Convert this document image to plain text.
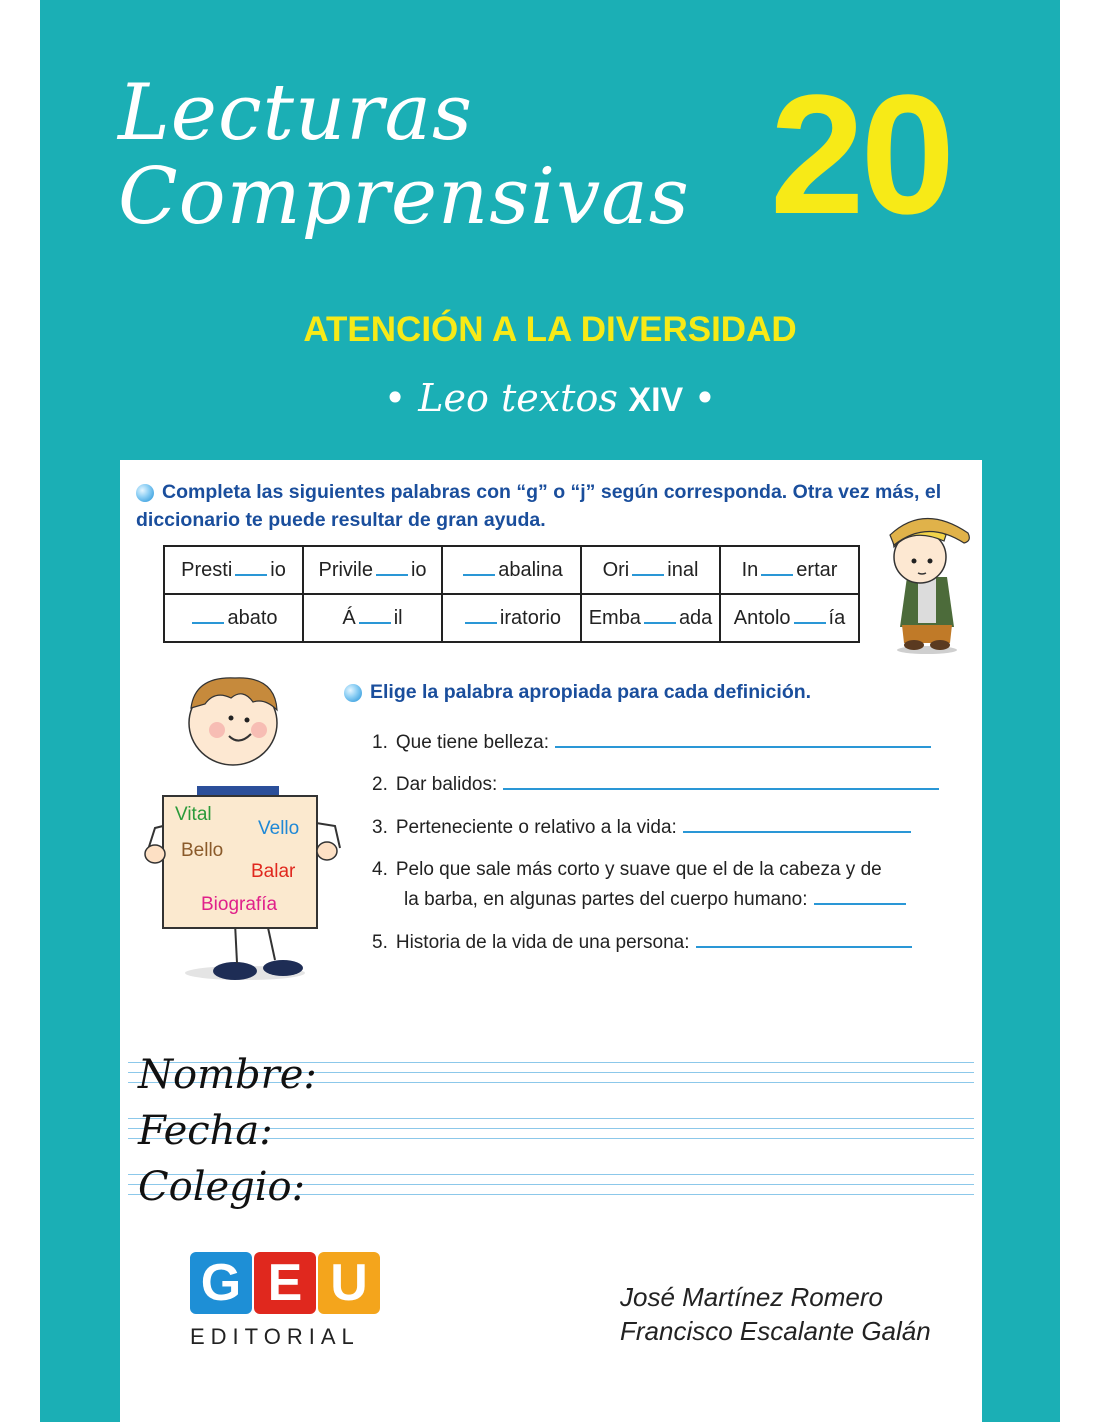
Lecturas
Comprensivas 20
ATENCIÓN A LA DIVERSIDAD
• Leo textos XIV •
Completa las siguientes palabras con “g” o “j” según corresponda. Otra vez más, el diccionario te puede resultar de gran ayuda.
Presti io	Privile io	abalina	Ori inal	In ertar
abato	Á il	iratorio	Emba ada	Antolo ía
Elige la palabra apropiada para cada definición.
Vital
Vello
Bello
Balar
Biografía
1. Que tiene belleza:
2. Dar balidos:
3. Perteneciente o relativo a la vida:
4. Pelo que sale más corto y suave que el de la cabeza y de
la barba, en algunas partes del cuerpo humano:
5. Historia de la vida de una persona:
Nombre:
Fecha:
Colegio:
G E U
EDITORIAL
José Martínez Romero
Francisco Escalante Galán
